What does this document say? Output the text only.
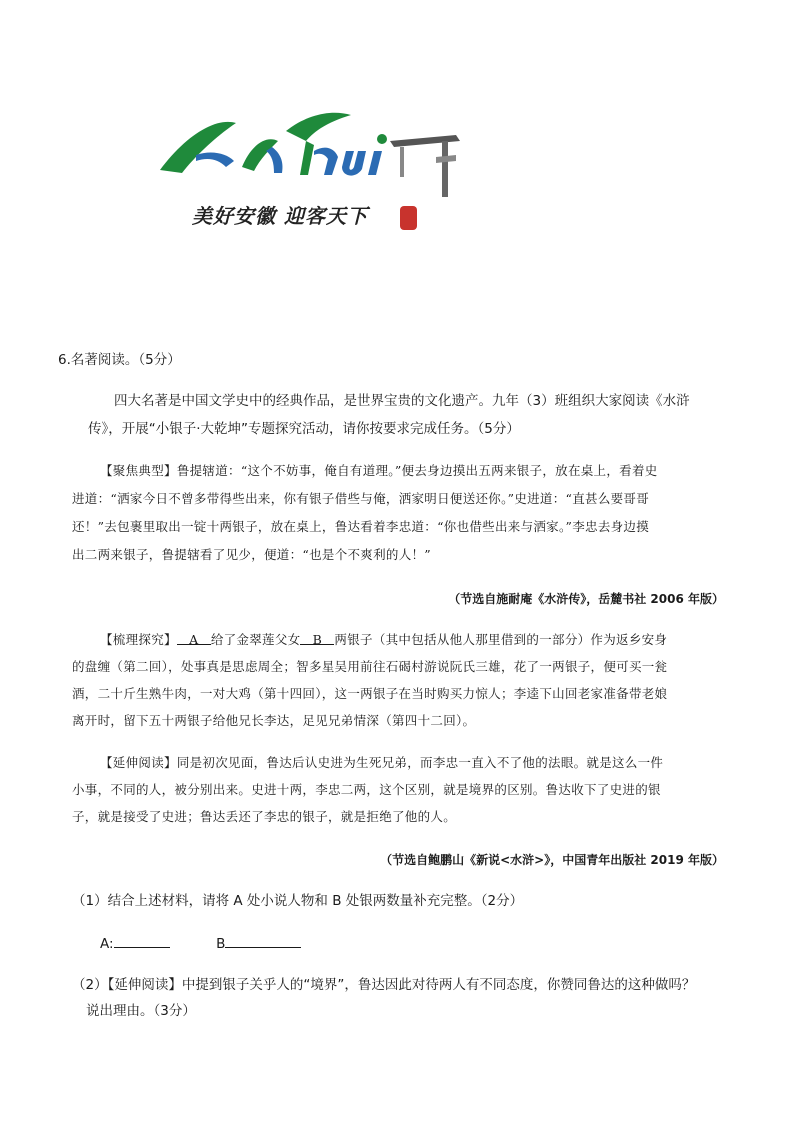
美好安徽 迎客天下
6.名著阅读。（5分）
四大名著是中国文学史中的经典作品，是世界宝贵的文化遗产。九年（3）班组织大家阅读《水浒
传》，开展“小银子·大乾坤”专题探究活动，请你按要求完成任务。（5分）
【聚焦典型】鲁提辖道：“这个不妨事，俺自有道理。”便去身边摸出五两来银子，放在桌上，看着史
进道：“洒家今日不曾多带得些出来，你有银子借些与俺，洒家明日便送还你。”史进道：“直甚么要哥哥
还！”去包裹里取出一锭十两银子，放在桌上，鲁达看着李忠道：“你也借些出来与洒家。”李忠去身边摸
出二两来银子，鲁提辖看了见少，便道：“也是个不爽利的人！”
（节选自施耐庵《水浒传》，岳麓书社 2006 年版）
【梳理探究】 A 给了金翠莲父女 B 两银子（其中包括从他人那里借到的一部分）作为返乡安身
的盘缠（第二回），处事真是思虑周全；智多星吴用前往石碣村游说阮氏三雄，花了一两银子，便可买一瓮
酒，二十斤生熟牛肉，一对大鸡（第十四回），这一两银子在当时购买力惊人；李逵下山回老家准备带老娘
离开时，留下五十两银子给他兄长李达，足见兄弟情深（第四十二回）。
【延伸阅读】同是初次见面，鲁达后认史进为生死兄弟，而李忠一直入不了他的法眼。就是这么一件
小事，不同的人，被分别出来。史进十两，李忠二两，这个区别，就是境界的区别。鲁达收下了史进的银
子，就是接受了史进；鲁达丢还了李忠的银子，就是拒绝了他的人。
（节选自鲍鹏山《新说<水浒>》，中国青年出版社 2019 年版）
（1）结合上述材料，请将 A 处小说人物和 B 处银两数量补充完整。（2分）
A:	B
（2）【延伸阅读】中提到银子关乎人的“境界”，鲁达因此对待两人有不同态度，你赞同鲁达的这种做吗？
说出理由。（3分）
